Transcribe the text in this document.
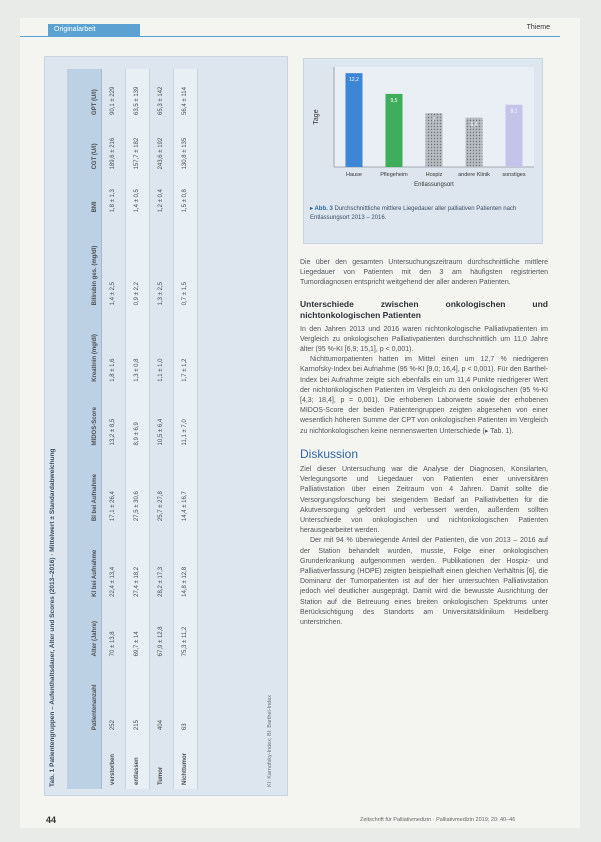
Originalarbeit	Thieme
Tab. 1 Patientengruppen – Aufenthaltsdauer, Alter und Scores (2013–2016) · Mittelwert ± Standardabweichung
		Patientenanzahl	Alter (Jahre)	KI bei Aufnahme	BI bei Aufnahme	MIDOS-Score	Kreatinin (mg/dl)	Bilirubin ges. (mg/dl)	BMI	CGT (U/l)	GPT (U/l)
verstorben	252	70 ± 13,8	22,4 ± 13,4	17,1 ± 26,4	13,2 ± 8,5	1,8 ± 1,6	1,4 ± 2,5	1,8 ± 1,3	189,6 ± 216	90,1 ± 229
entlassen	215	69,7 ± 14	27,4 ± 18,2	27,5 ± 30,6	8,9 ± 6,9	1,3 ± 0,8	0,9 ± 2,2	1,4 ± 0,5	157,7 ± 182	63,5 ± 139
Tumor	404	67,9 ± 12,8	28,2 ± 17,3	25,7 ± 27,8	10,5 ± 6,4	1,1 ± 1,0	1,3 ± 2,5	1,2 ± 0,4	243,6 ± 192	65,3 ± 142
Nichttumor	63	75,3 ± 11,2	14,8 ± 12,8	14,4 ± 16,7	11,1 ± 7,0	1,7 ± 1,2	0,7 ± 1,5	1,5 ± 0,8	130,8 ± 135	56,4 ± 114
KI: Karnofsky-Index; BI: Barthel-Index
Tage
12,2
Hause
9,5
Pflegeheim
7
Hospiz
6,4
andere Klinik
8,1
sonstiges
Entlassungsort
▸ Abb. 3 Durchschnittliche mittlere Liegedauer aller palliativen Patienten nach Entlassungsort 2013 – 2016.

Die über den gesamten Untersuchungszeitraum durchschnittliche mittlere Liegedauer von Patienten mit den 3 am häufigsten registrierten Tumordiagnosen entspricht weitgehend der aller anderen Patienten.

Unterschiede zwischen onkologischen und nichtonkologischen Patienten

In den Jahren 2013 und 2016 waren nichtonkologische Palliativpatienten im Vergleich zu onkologischen Palliativpatienten durchschnittlich um 11,0 Jahre älter (95 %-KI [6,9; 15,1], p < 0,001).

Nichttumorpatienten hatten im Mittel einen um 12,7 % niedrigeren Karnofsky-Index bei Aufnahme (95 %-KI [9,0; 16,4], p < 0,001). Für den Barthel-Index bei Aufnahme zeigte sich ebenfalls ein um 11,4 Punkte niedrigerer Wert der nichtonkologischen Patienten im Vergleich zu den onkologischen (95 %-KI [4,3; 18,4], p = 0,001). Die erhobenen Laborwerte sowie der erhobenen MIDOS-Score der beiden Patientengruppen zeigten abgesehen von einer wesentlich höheren Summe der CPT von onkologischen Patienten im Vergleich zu nichtonkologischen keine nennenswerten Unterschiede (▸ Tab. 1).

Diskussion

Ziel dieser Untersuchung war die Analyse der Diagnosen, Konsilarten, Verlegungsorte und Liegedauer von Patienten einer universitären Palliativstation über einen Zeitraum von 4 Jahren. Damit sollte die Versorgungsforschung bei steigendem Bedarf an Palliativbetten für die Akutversorgung gefördert und verbessert werden, außerdem sollten Unterschiede von onkologischen und nichtonkologischen Patienten herausgearbeitet werden.

Der mit 94 % überwiegende Anteil der Patienten, die von 2013 – 2016 auf der Station behandelt wurden, musste, Folge einer onkologischen Grunderkrankung aufgenommen werden. Publikationen der Hospiz- und Palliativerfassung (HOPE) zeigten beispielhaft einen gleichen Verhältnis [6], die Dominanz der Tumorpatienten ist auf der hier untersuchten Palliativstation jedoch viel deutlicher ausgeprägt. Damit wird die bewusste Ausrichtung der Station auf die Betreuung eines breiten onkologischen Spektrums unter Berücksichtigung des Standorts am Universitätsklinikum Heidelberg unterstrichen.

44	Zeitschrift für Palliativmedizin · Palliativmedizin 2019; 20: 40–46
